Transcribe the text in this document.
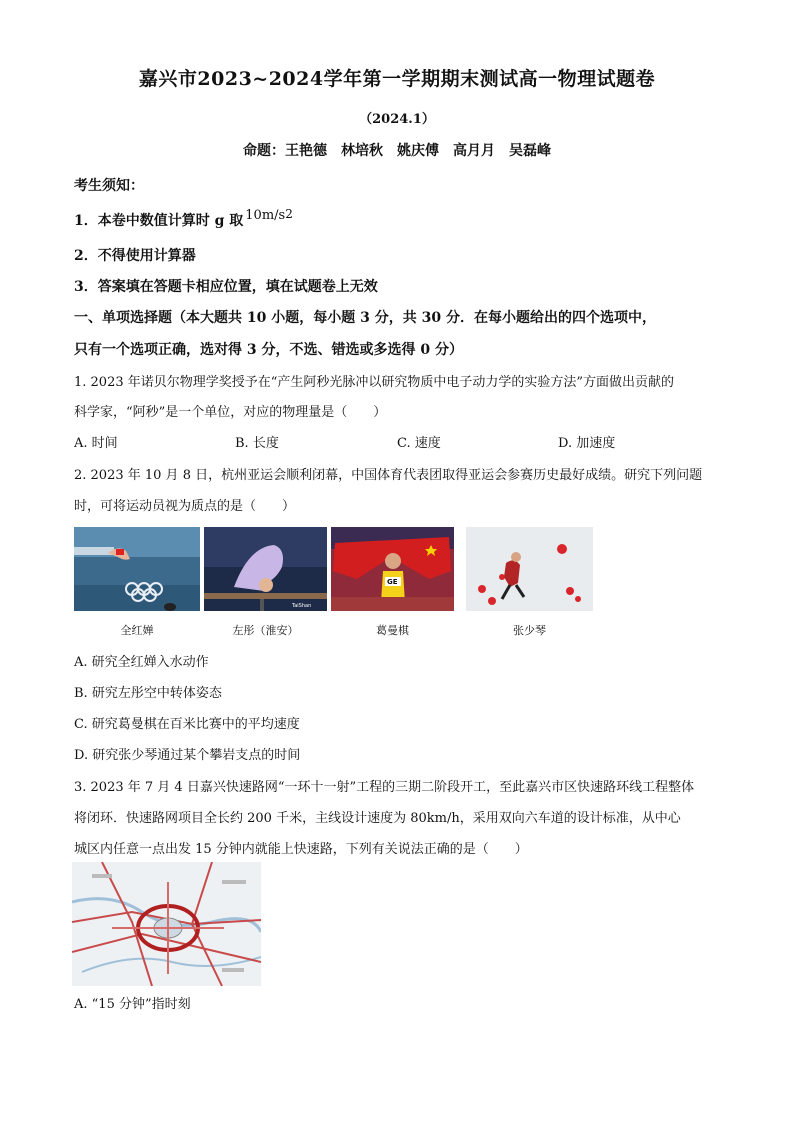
嘉兴市2023~2024学年第一学期期末测试高一物理试题卷
（2024.1）
命题：王艳德　林培秋　姚庆傅　高月月　吴磊峰
考生须知：
1．本卷中数值计算时 g 取 10m/s2
2．不得使用计算器
3．答案填在答题卡相应位置，填在试题卷上无效
一、单项选择题（本大题共 10 小题，每小题 3 分，共 30 分．在每小题给出的四个选项中，
只有一个选项正确，选对得 3 分，不选、错选或多选得 0 分）
1. 2023 年诺贝尔物理学奖授予在“产生阿秒光脉冲以研究物质中电子动力学的实验方法”方面做出贡献的
科学家，“阿秒”是一个单位，对应的物理量是（　　）
A. 时间	B. 长度	C. 速度	D. 加速度
2. 2023 年 10 月 8 日，杭州亚运会顺利闭幕，中国体育代表团取得亚运会参赛历史最好成绩。研究下列问题
时，可将运动员视为质点的是（　　）
TaiShan
GE
全红婵	左彤（淮安）	葛曼棋	张少琴
A. 研究全红婵入水动作
B. 研究左彤空中转体姿态
C. 研究葛曼棋在百米比赛中的平均速度
D. 研究张少琴通过某个攀岩支点的时间
3. 2023 年 7 月 4 日嘉兴快速路网“一环十一射”工程的三期二阶段开工，至此嘉兴市区快速路环线工程整体
将闭环．快速路网项目全长约 200 千米，主线设计速度为 80km/h，采用双向六车道的设计标准，从中心
城区内任意一点出发 15 分钟内就能上快速路，下列有关说法正确的是（　　）
A. “15 分钟”指时刻
